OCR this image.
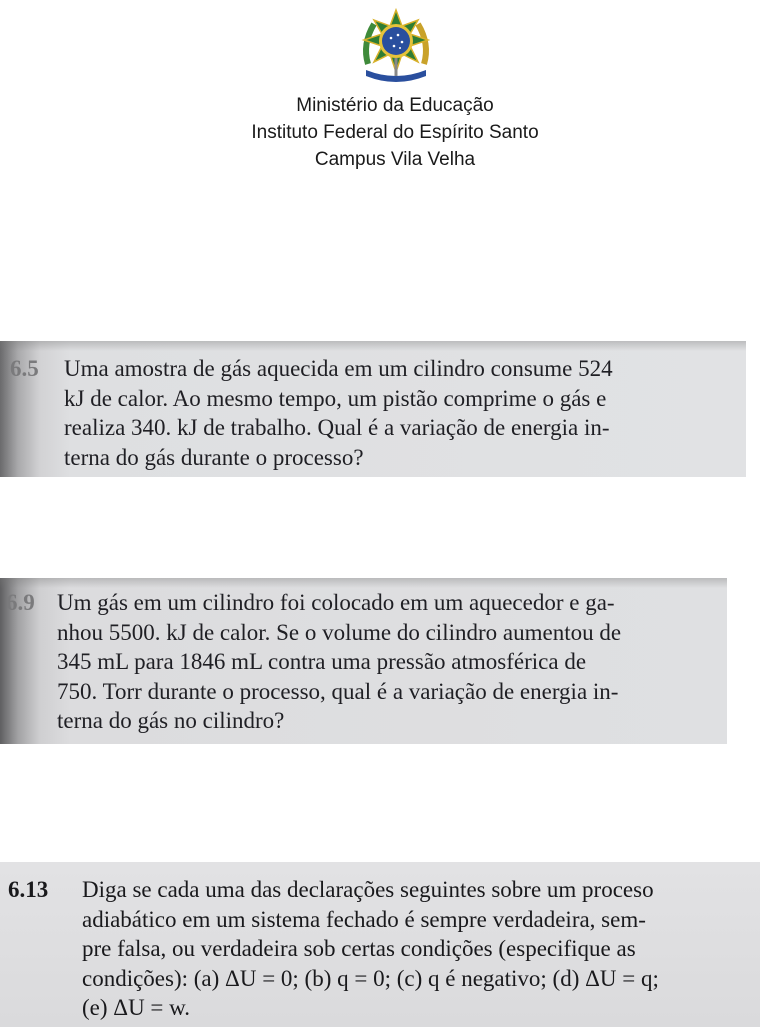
Ministério da Educação
Instituto Federal do Espírito Santo
Campus Vila Velha
6.5 Uma amostra de gás aquecida em um cilindro consume 524
kJ de calor. Ao mesmo tempo, um pistão comprime o gás e
realiza 340. kJ de trabalho. Qual é a variação de energia in-
terna do gás durante o processo?
6.9 Um gás em um cilindro foi colocado em um aquecedor e ga-
nhou 5500. kJ de calor. Se o volume do cilindro aumentou de
345 mL para 1846 mL contra uma pressão atmosférica de
750. Torr durante o processo, qual é a variação de energia in-
terna do gás no cilindro?
6.13 Diga se cada uma das declarações seguintes sobre um proceso
adiabático em um sistema fechado é sempre verdadeira, sem-
pre falsa, ou verdadeira sob certas condições (especifique as
condições): (a) ΔU = 0; (b) q = 0; (c) q é negativo; (d) ΔU = q;
(e) ΔU = w.
